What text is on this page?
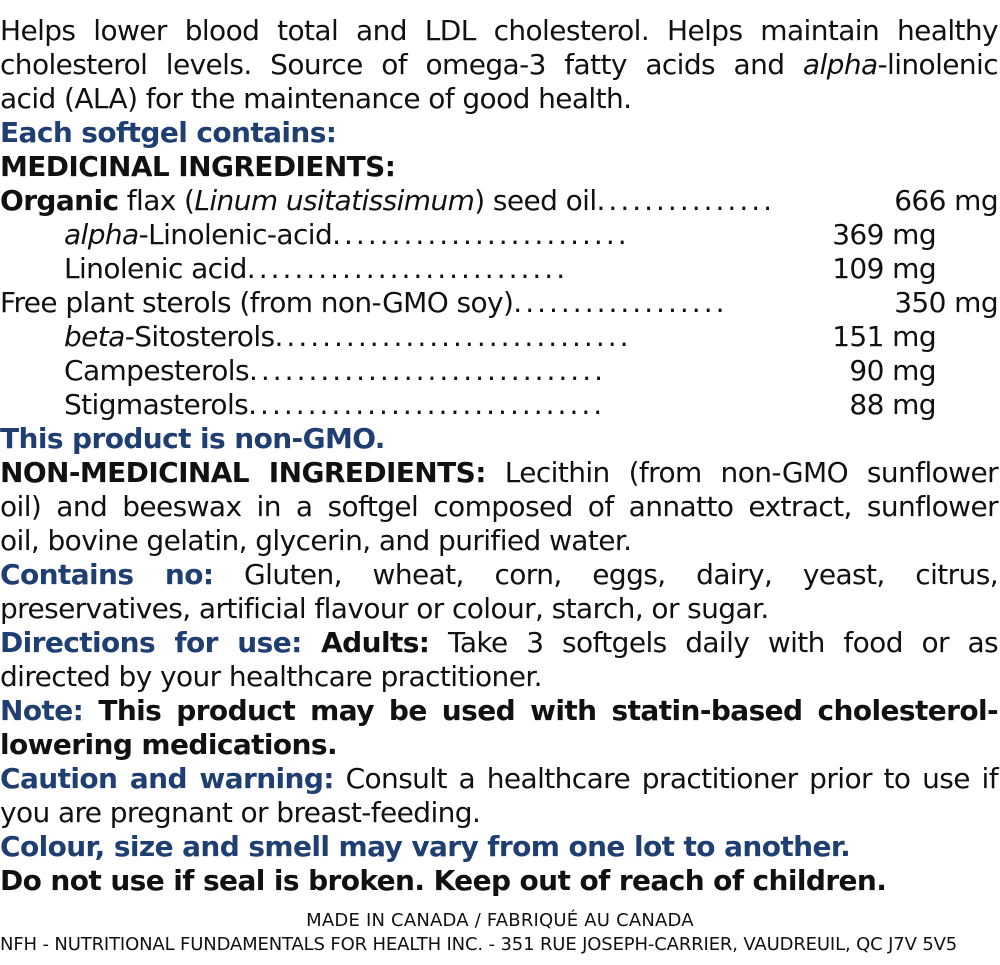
Helps lower blood total and LDL cholesterol. Helps maintain healthy
cholesterol levels. Source of omega-3 fatty acids and alpha-linolenic
acid (ALA) for the maintenance of good health.
Each softgel contains:
MEDICINAL INGREDIENTS:
Organic flax (Linum usitatissimum) seed oil...............	666 mg
alpha-Linolenic-acid.........................	369 mg
Linolenic acid...........................	109 mg
Free plant sterols (from non-GMO soy)..................	350 mg
beta-Sitosterols..............................	151 mg
Campesterols..............................	90 mg
Stigmasterols..............................	88 mg
This product is non-GMO.
NON-MEDICINAL INGREDIENTS: Lecithin (from non-GMO sunflower
oil) and beeswax in a softgel composed of annatto extract, sunflower
oil, bovine gelatin, glycerin, and purified water.
Contains no: Gluten, wheat, corn, eggs, dairy, yeast, citrus,
preservatives, artificial flavour or colour, starch, or sugar.
Directions for use: Adults: Take 3 softgels daily with food or as
directed by your healthcare practitioner.
Note: This product may be used with statin-based cholesterol-
lowering medications.
Caution and warning: Consult a healthcare practitioner prior to use if
you are pregnant or breast-feeding.
Colour, size and smell may vary from one lot to another.
Do not use if seal is broken. Keep out of reach of children.
MADE IN CANADA / FABRIQUÉ AU CANADA
NFH - NUTRITIONAL FUNDAMENTALS FOR HEALTH INC. - 351 RUE JOSEPH-CARRIER, VAUDREUIL, QC J7V 5V5
